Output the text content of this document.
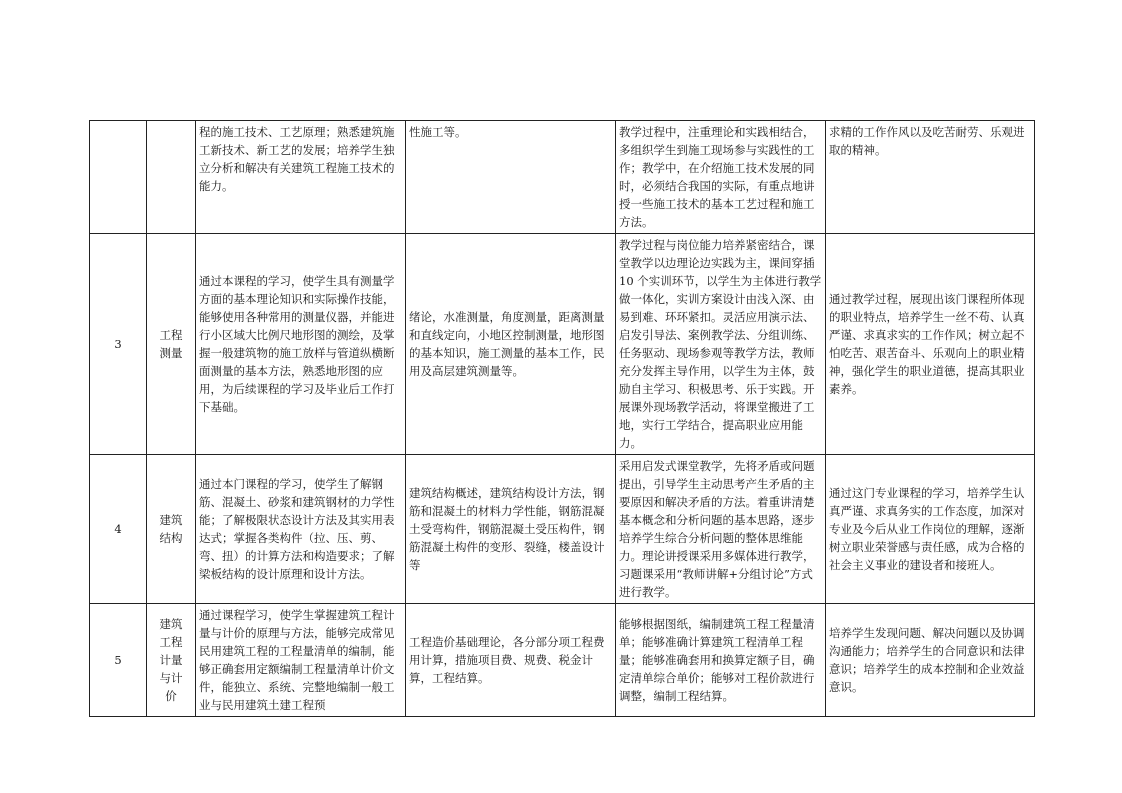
		程的施工技术、工艺原理；熟悉建筑施工新技术、新工艺的发展；培养学生独立分析和解决有关建筑工程施工技术的能力。	性施工等。	教学过程中，注重理论和实践相结合，多组织学生到施工现场参与实践性的工作；教学中，在介绍施工技术发展的同时，必须结合我国的实际，有重点地讲授一些施工技术的基本工艺过程和施工方法。	求精的工作作风以及吃苦耐劳、乐观进取的精神。
3	工程测量	通过本课程的学习，使学生具有测量学方面的基本理论知识和实际操作技能，能够使用各种常用的测量仪器，并能进行小区域大比例尺地形图的测绘，及掌握一般建筑物的施工放样与管道纵横断面测量的基本方法，熟悉地形图的应用，为后续课程的学习及毕业后工作打下基础。	绪论，水准测量，角度测量，距离测量和直线定向，小地区控制测量，地形图的基本知识，施工测量的基本工作，民用及高层建筑测量等。	教学过程与岗位能力培养紧密结合，课堂教学以边理论边实践为主，课间穿插 10 个实训环节，以学生为主体进行教学做一体化，实训方案设计由浅入深、由易到难、环环紧扣。灵活应用演示法、启发引导法、案例教学法、分组训练、任务驱动、现场参观等教学方法，教师充分发挥主导作用，以学生为主体，鼓励自主学习、积极思考、乐于实践。开展课外现场教学活动，将课堂搬进了工地，实行工学结合，提高职业应用能力。	通过教学过程，展现出该门课程所体现的职业特点，培养学生一丝不苟、认真严谨、求真求实的工作作风；树立起不怕吃苦、艰苦奋斗、乐观向上的职业精神，强化学生的职业道德，提高其职业素养。
4	建筑结构	通过本门课程的学习，使学生了解钢筋、混凝土、砂浆和建筑钢材的力学性能；了解极限状态设计方法及其实用表达式；掌握各类构件（拉、压、剪、弯、扭）的计算方法和构造要求；了解梁板结构的设计原理和设计方法。	建筑结构概述，建筑结构设计方法，钢筋和混凝土的材料力学性能，钢筋混凝土受弯构件，钢筋混凝土受压构件，钢筋混凝土构件的变形、裂缝，楼盖设计等	采用启发式课堂教学，先将矛盾或问题提出，引导学生主动思考产生矛盾的主要原因和解决矛盾的方法。着重讲清楚基本概念和分析问题的基本思路，逐步培养学生综合分析问题的整体思维能力。理论讲授课采用多媒体进行教学，习题课采用“教师讲解+分组讨论”方式进行教学。	通过这门专业课程的学习，培养学生认真严谨、求真务实的工作态度，加深对专业及今后从业工作岗位的理解，逐渐树立职业荣誉感与责任感，成为合格的社会主义事业的建设者和接班人。
5	建筑工程计量与计价	通过课程学习，使学生掌握建筑工程计量与计价的原理与方法，能够完成常见民用建筑工程的工程量清单的编制，能够正确套用定额编制工程量清单计价文件，能独立、系统、完整地编制一般工业与民用建筑土建工程预	工程造价基础理论，各分部分项工程费用计算，措施项目费、规费、税金计算，工程结算。	能够根据图纸，编制建筑工程工程量清单；能够准确计算建筑工程清单工程量；能够准确套用和换算定额子目，确定清单综合单价；能够对工程价款进行调整，编制工程结算。	培养学生发现问题、解决问题以及协调沟通能力；培养学生的合同意识和法律意识；培养学生的成本控制和企业效益意识。
